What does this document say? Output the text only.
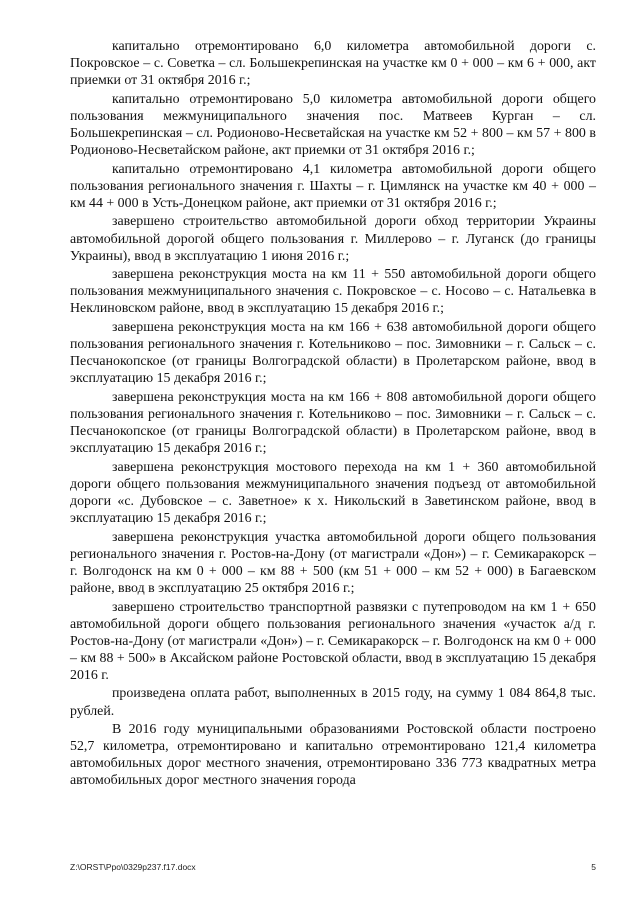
капитально отремонтировано 6,0 километра автомобильной дороги с. Покровское – с. Советка – сл. Большекрепинская на участке км 0 + 000 – км 6 + 000, акт приемки от 31 октября 2016 г.;

капитально отремонтировано 5,0 километра автомобильной дороги общего пользования межмуниципального значения пос. Матвеев Курган – сл. Большекрепинская – сл. Родионово-Несветайская на участке км 52 + 800 – км 57 + 800 в Родионово-Несветайском районе, акт приемки от 31 октября 2016 г.;

капитально отремонтировано 4,1 километра автомобильной дороги общего пользования регионального значения г. Шахты – г. Цимлянск на участке км 40 + 000 – км 44 + 000 в Усть-Донецком районе, акт приемки от 31 октября 2016 г.;

завершено строительство автомобильной дороги обход территории Украины автомобильной дорогой общего пользования г. Миллерово – г. Луганск (до границы Украины), ввод в эксплуатацию 1 июня 2016 г.;

завершена реконструкция моста на км 11 + 550 автомобильной дороги общего пользования межмуниципального значения с. Покровское – с. Носово – с. Натальевка в Неклиновском районе, ввод в эксплуатацию 15 декабря 2016 г.;

завершена реконструкция моста на км 166 + 638 автомобильной дороги общего пользования регионального значения г. Котельниково – пос. Зимовники – г. Сальск – с. Песчанокопское (от границы Волгоградской области) в Пролетарском районе, ввод в эксплуатацию 15 декабря 2016 г.;

завершена реконструкция моста на км 166 + 808 автомобильной дороги общего пользования регионального значения г. Котельниково – пос. Зимовники – г. Сальск – с. Песчанокопское (от границы Волгоградской области) в Пролетарском районе, ввод в эксплуатацию 15 декабря 2016 г.;

завершена реконструкция мостового перехода на км 1 + 360 автомобильной дороги общего пользования межмуниципального значения подъезд от автомобильной дороги «с. Дубовское – с. Заветное» к х. Никольский в Заветинском районе, ввод в эксплуатацию 15 декабря 2016 г.;

завершена реконструкция участка автомобильной дороги общего пользования регионального значения г. Ростов-на-Дону (от магистрали «Дон») – г. Семикаракорск – г. Волгодонск на км 0 + 000 – км 88 + 500 (км 51 + 000 – км 52 + 000) в Багаевском районе, ввод в эксплуатацию 25 октября 2016 г.;

завершено строительство транспортной развязки с путепроводом на км 1 + 650 автомобильной дороги общего пользования регионального значения «участок а/д г. Ростов-на-Дону (от магистрали «Дон») – г. Семикаракорск – г. Волгодонск на км 0 + 000 – км 88 + 500» в Аксайском районе Ростовской области, ввод в эксплуатацию 15 декабря 2016 г.

произведена оплата работ, выполненных в 2015 году, на сумму 1 084 864,8 тыс. рублей.

В 2016 году муниципальными образованиями Ростовской области построено 52,7 километра, отремонтировано и капитально отремонтировано 121,4 километра автомобильных дорог местного значения, отремонтировано 336 773 квадратных метра автомобильных дорог местного значения города

Z:\ORST\Ppo\0329p237.f17.docx	5
